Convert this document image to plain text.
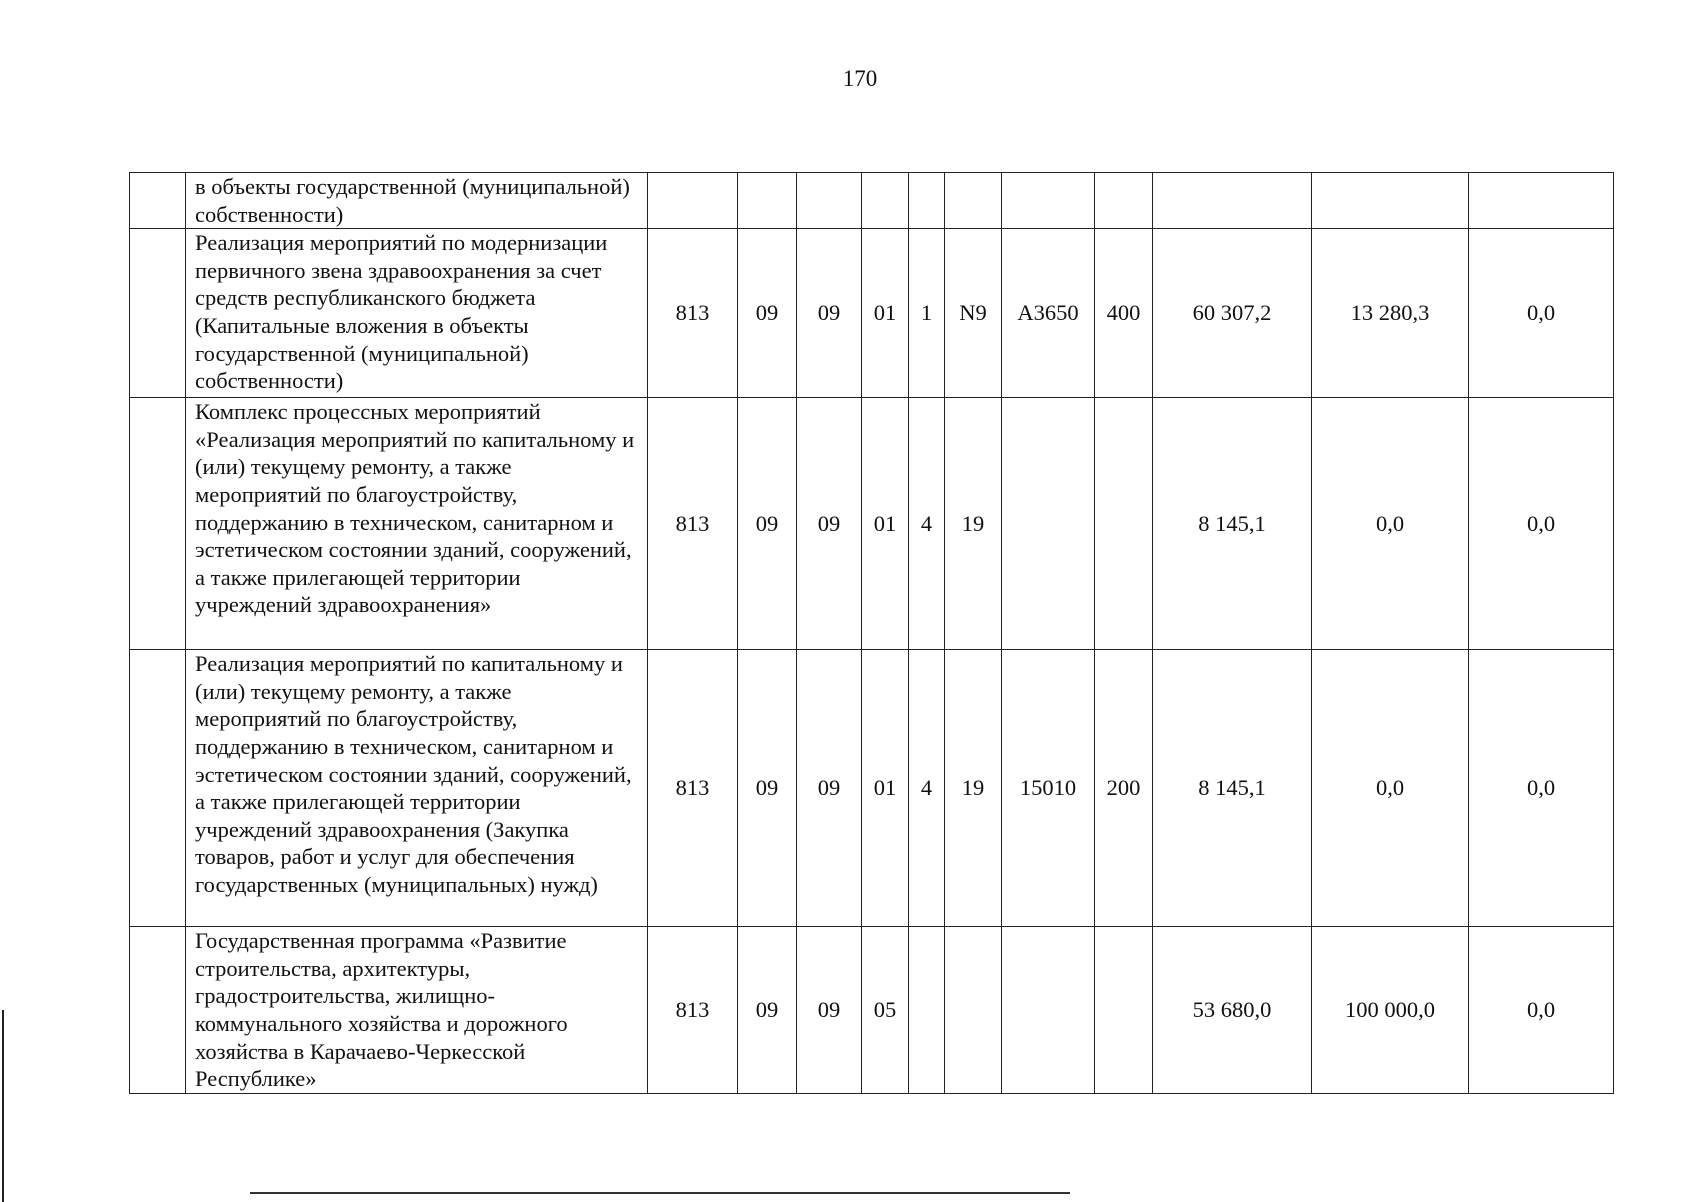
170
	в объекты государственной (муниципальной) собственности)											
	Реализация мероприятий по модернизации первичного звена здравоохранения за счет средств республиканского бюджета (Капитальные вложения в объекты государственной (муниципальной) собственности)	813	09	09	01	1	N9	А3650	400	60 307,2	13 280,3	0,0
	Комплекс процессных мероприятий «Реализация мероприятий по капитальному и (или) текущему ремонту, а также мероприятий по благоустройству, поддержанию в техническом, санитарном и эстетическом состоянии зданий, сооружений, а также прилегающей территории учреждений здравоохранения»	813	09	09	01	4	19			8 145,1	0,0	0,0
	Реализация мероприятий по капитальному и (или) текущему ремонту, а также мероприятий по благоустройству, поддержанию в техническом, санитарном и эстетическом состоянии зданий, сооружений, а также прилегающей территории учреждений здравоохранения (Закупка товаров, работ и услуг для обеспечения государственных (муниципальных) нужд)	813	09	09	01	4	19	15010	200	8 145,1	0,0	0,0
	Государственная программа «Развитие строительства, архитектуры, градостроительства, жилищно-коммунального хозяйства и дорожного хозяйства в Карачаево-Черкесской Республике»	813	09	09	05					53 680,0	100 000,0	0,0
